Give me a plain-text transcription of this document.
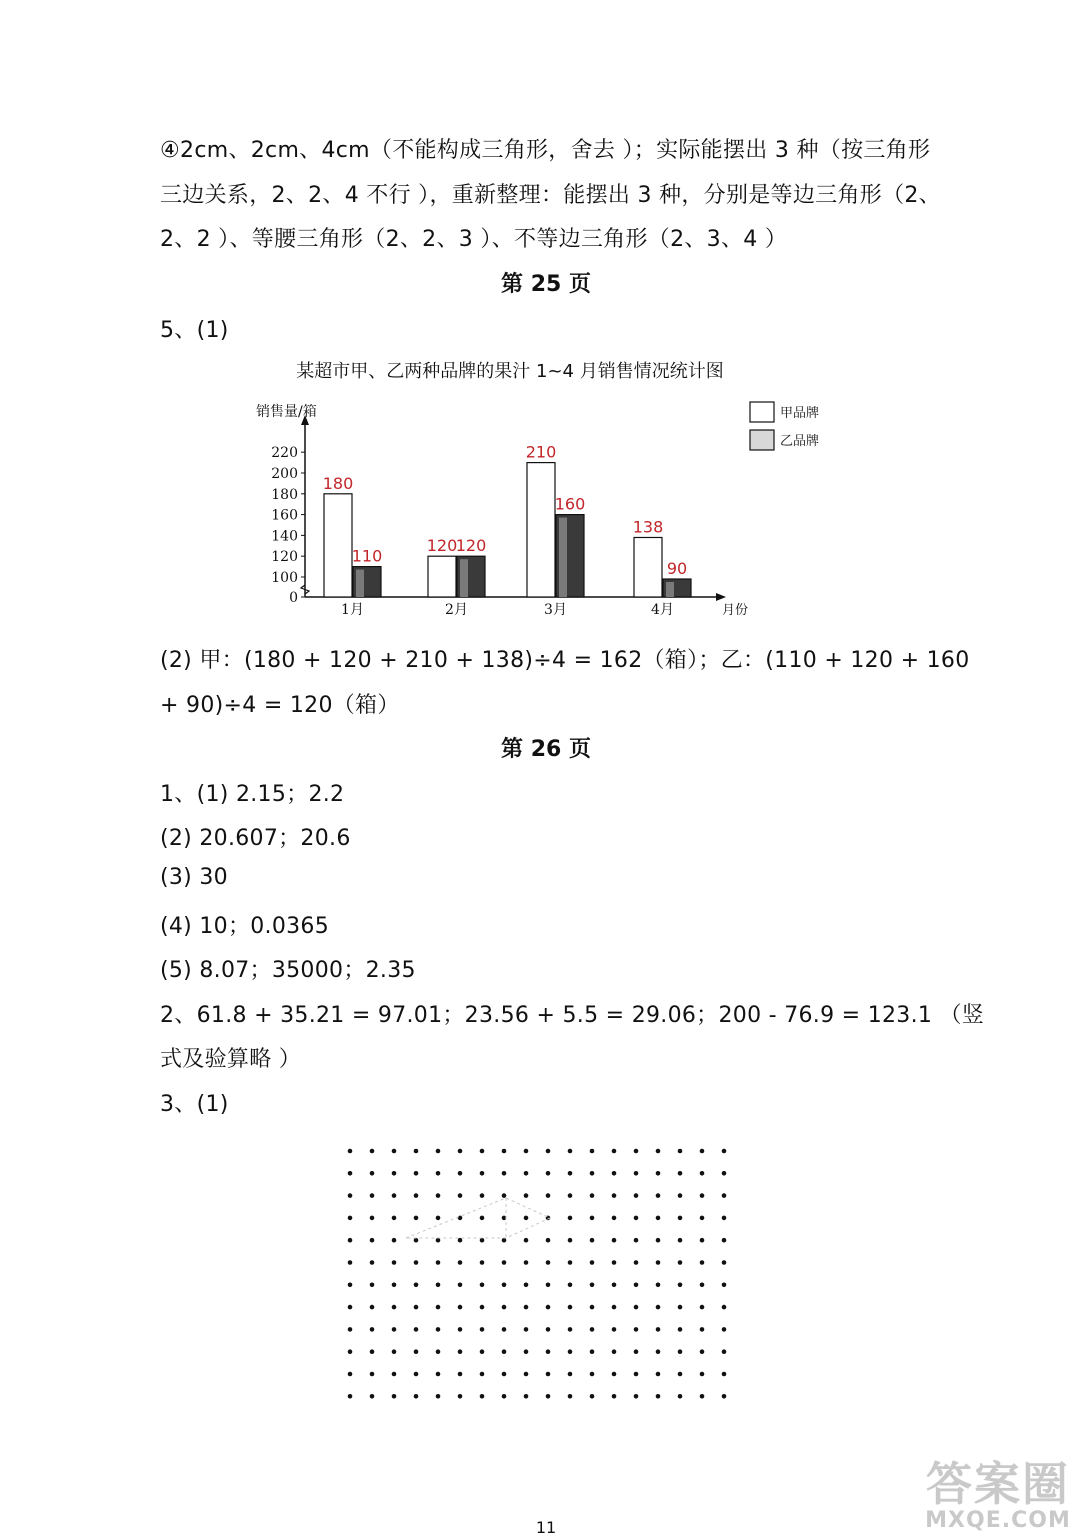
④2cm、2cm、4cm（不能构成三角形，舍去 ）；实际能摆出 3 种（按三角形
三边关系，2、2、4 不行 ），重新整理：能摆出 3 种，分别是等边三角形（2、
2、2 ）、等腰三角形（2、2、3 ）、不等边三角形（2、3、4 ）
第 25 页
5、(1)
某超市甲、乙两种品牌的果汁 1~4 月销售情况统计图
0
100
120
140
160
180
200
220
销售量/箱
月份
180
110
1月
120
120
2月
210
160
3月
138
90
4月
甲品牌
乙品牌
(2) 甲：(180 + 120 + 210 + 138)÷4 = 162（箱）；乙：(110 + 120 + 160
+ 90)÷4 = 120（箱）
第 26 页
1、(1) 2.15；2.2
(2) 20.607；20.6
(3) 30
(4) 10；0.0365
(5) 8.07；35000；2.35
2、61.8 + 35.21 = 97.01；23.56 + 5.5 = 29.06；200 - 76.9 = 123.1 （竖
式及验算略 ）
3、(1)
11
答案圈
MXQE.COM
